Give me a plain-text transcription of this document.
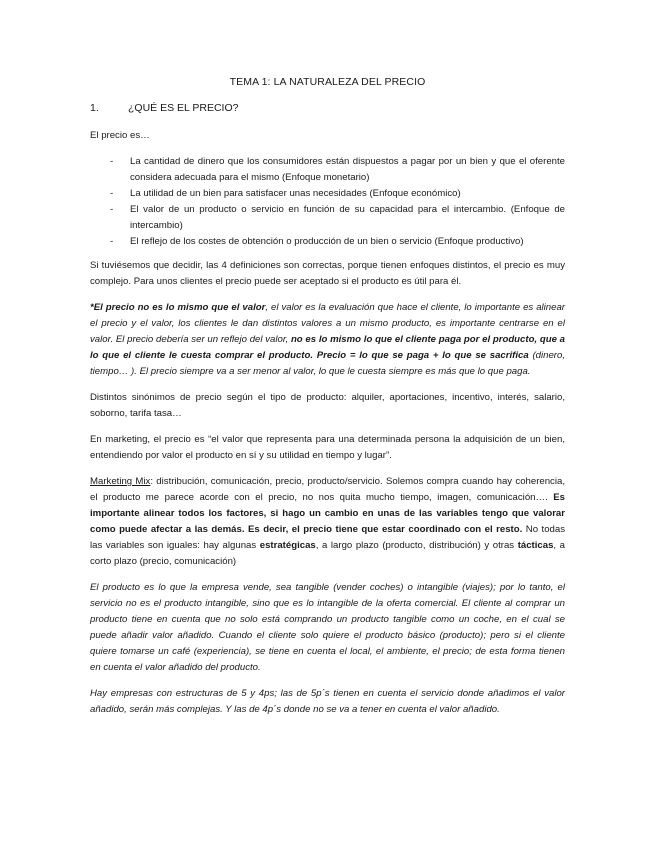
TEMA 1: LA NATURALEZA DEL PRECIO
1.	¿QUÉ ES EL PRECIO?

El precio es…

-	La cantidad de dinero que los consumidores están dispuestos a pagar por un bien y que el oferente considera adecuada para el mismo (Enfoque monetario)
-	La utilidad de un bien para satisfacer unas necesidades (Enfoque económico)
-	El valor de un producto o servicio en función de su capacidad para el intercambio. (Enfoque de intercambio)
-	El reflejo de los costes de obtención o producción de un bien o servicio (Enfoque productivo)

Si tuviésemos que decidir, las 4 definiciones son correctas, porque tienen enfoques distintos, el precio es muy complejo. Para unos clientes el precio puede ser aceptado si el producto es útil para él.

*El precio no es lo mismo que el valor, el valor es la evaluación que hace el cliente, lo importante es alinear el precio y el valor, los clientes le dan distintos valores a un mismo producto, es importante centrarse en el valor. El precio debería ser un reflejo del valor, no es lo mismo lo que el cliente paga por el producto, que a lo que el cliente le cuesta comprar el producto. Precio = lo que se paga + lo que se sacrifica (dinero, tiempo… ). El precio siempre va a ser menor al valor, lo que le cuesta siempre es más que lo que paga.

Distintos sinónimos de precio según el tipo de producto: alquiler, aportaciones, incentivo, interés, salario, soborno, tarifa tasa…

En marketing, el precio es “el valor que representa para una determinada persona la adquisición de un bien, entendiendo por valor el producto en sí y su utilidad en tiempo y lugar”.

Marketing Mix: distribución, comunicación, precio, producto/servicio. Solemos compra cuando hay coherencia, el producto me parece acorde con el precio, no nos quita mucho tiempo, imagen, comunicación…. Es importante alinear todos los factores, si hago un cambio en unas de las variables tengo que valorar como puede afectar a las demás. Es decir, el precio tiene que estar coordinado con el resto. No todas las variables son iguales: hay algunas estratégicas, a largo plazo (producto, distribución) y otras tácticas, a corto plazo (precio, comunicación)

El producto es lo que la empresa vende, sea tangible (vender coches) o intangible (viajes); por lo tanto, el servicio no es el producto intangible, sino que es lo intangible de la oferta comercial. El cliente al comprar un producto tiene en cuenta que no solo está comprando un producto tangible como un coche, en el cual se puede añadir valor añadido. Cuando el cliente solo quiere el producto básico (producto); pero si el cliente quiere tomarse un café (experiencia), se tiene en cuenta el local, el ambiente, el precio; de esta forma tienen en cuenta el valor añadido del producto.

Hay empresas con estructuras de 5 y 4ps; las de 5p´s tienen en cuenta el servicio donde añadimos el valor añadido, serán más complejas. Y las de 4p´s donde no se va a tener en cuenta el valor añadido.
